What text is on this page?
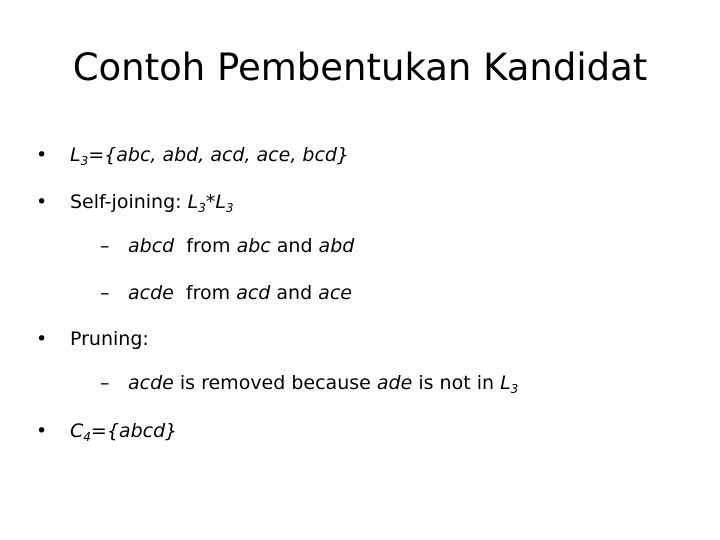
Contoh Pembentukan Kandidat
• $L_3=\{abc$, abd, acd, ace, bcd}
• Self-joining: $L_3*L_3$
– abcd  from abc and abd
– acde  from acd and ace
• Pruning:
– acde is removed because ade is not in $L_3$
• $C_4=\{abcd\}$
